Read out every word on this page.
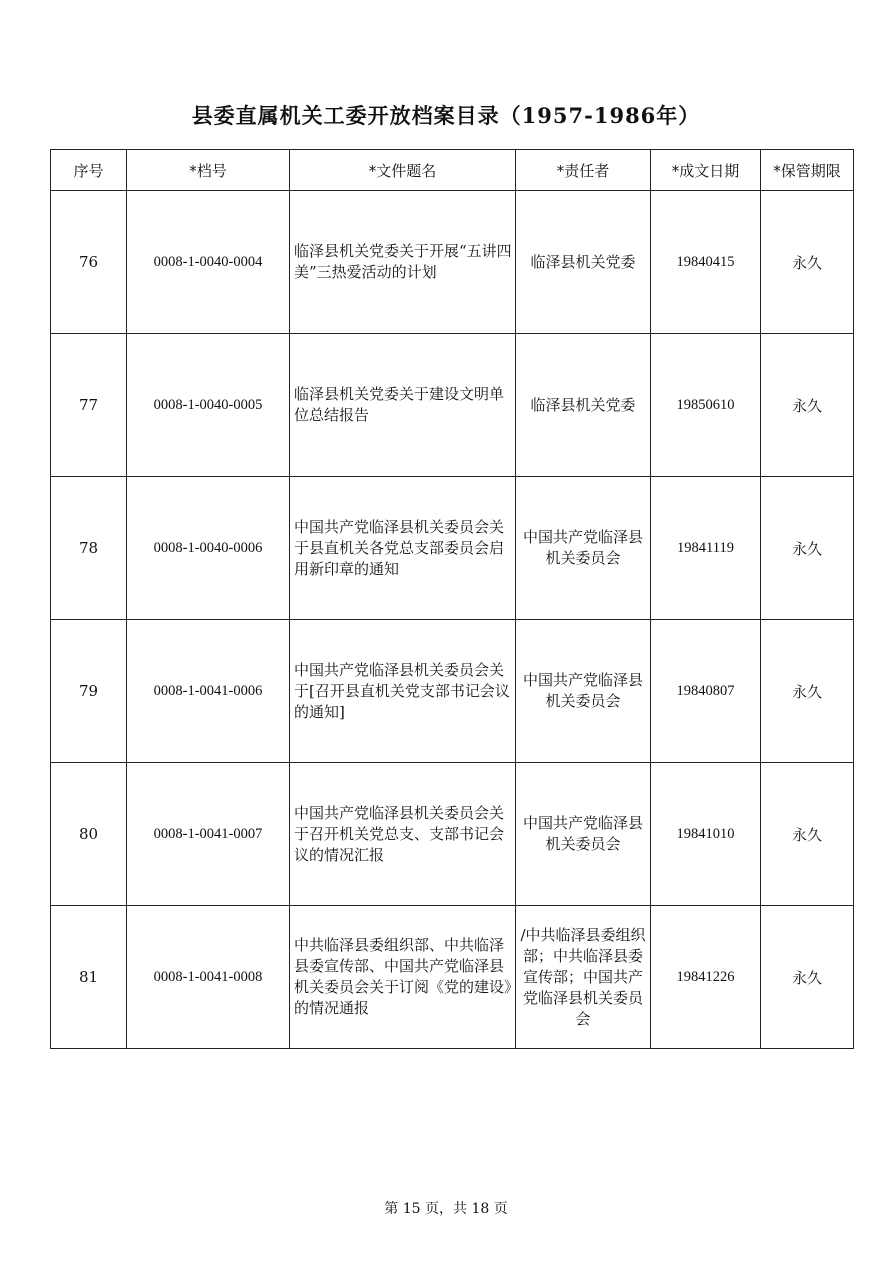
县委直属机关工委开放档案目录（1957-1986年）
序号	*档号	*文件题名	*责任者	*成文日期	*保管期限
76	0008-1-0040-0004	临泽县机关党委关于开展“五讲四美”三热爱活动的计划	临泽县机关党委	19840415	永久
77	0008-1-0040-0005	临泽县机关党委关于建设文明单位总结报告	临泽县机关党委	19850610	永久
78	0008-1-0040-0006	中国共产党临泽县机关委员会关于县直机关各党总支部委员会启用新印章的通知	中国共产党临泽县机关委员会	19841119	永久
79	0008-1-0041-0006	中国共产党临泽县机关委员会关于[召开县直机关党支部书记会议的通知]	中国共产党临泽县机关委员会	19840807	永久
80	0008-1-0041-0007	中国共产党临泽县机关委员会关于召开机关党总支、支部书记会议的情况汇报	中国共产党临泽县机关委员会	19841010	永久
81	0008-1-0041-0008	中共临泽县委组织部、中共临泽县委宣传部、中国共产党临泽县机关委员会关于订阅《党的建设》的情况通报	/中共临泽县委组织部；中共临泽县委宣传部；中国共产党临泽县机关委员会	19841226	永久
第 15 页，共 18 页
